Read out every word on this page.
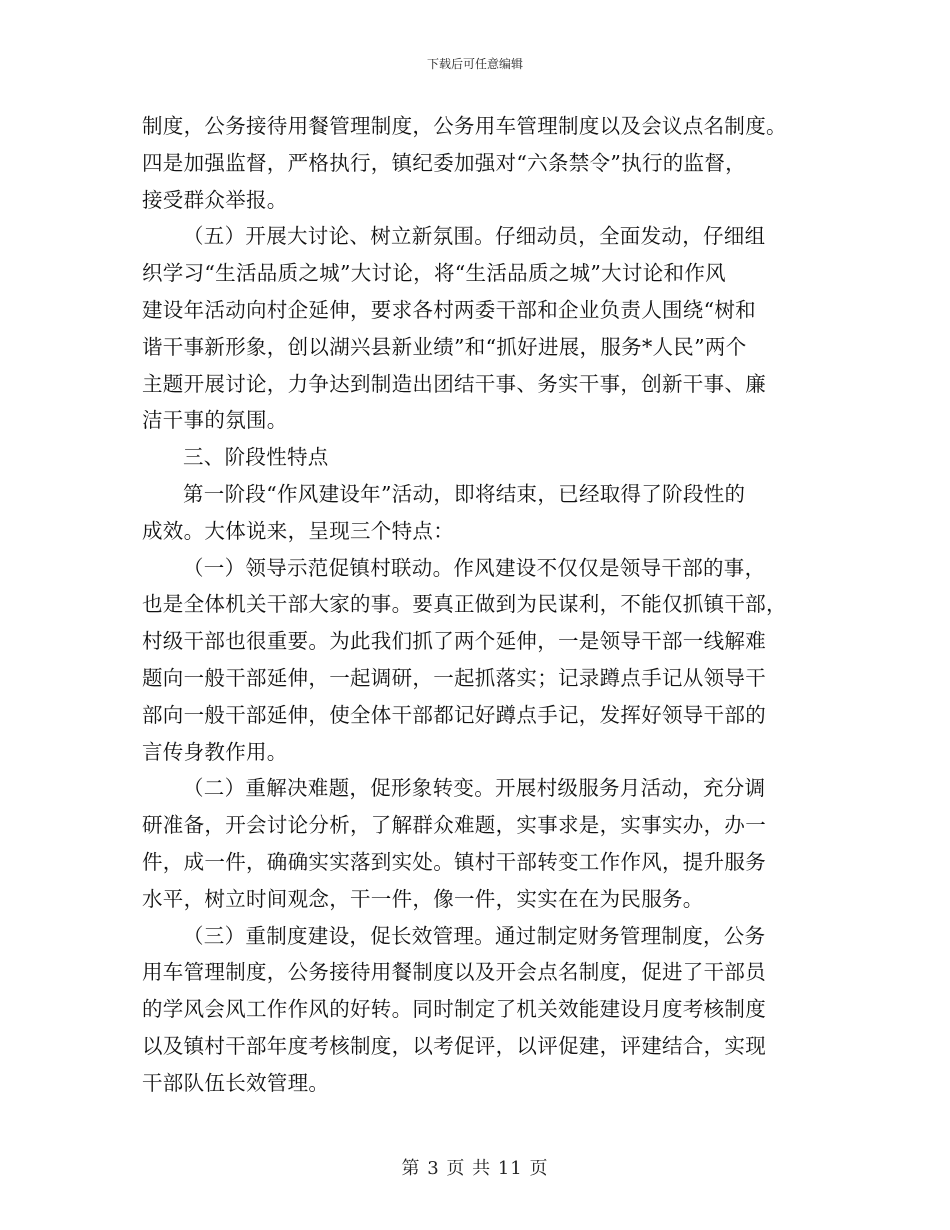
下载后可任意编辑
制度，公务接待用餐管理制度，公务用车管理制度以及会议点名制度。
四是加强监督，严格执行，镇纪委加强对“六条禁令”执行的监督，
接受群众举报。
（五）开展大讨论、树立新氛围。仔细动员，全面发动，仔细组
织学习“生活品质之城”大讨论，将“生活品质之城”大讨论和作风
建设年活动向村企延伸，要求各村两委干部和企业负责人围绕“树和
谐干事新形象，创以湖兴县新业绩”和“抓好进展，服务*人民”两个
主题开展讨论，力争达到制造出团结干事、务实干事，创新干事、廉
洁干事的氛围。
三、阶段性特点
第一阶段“作风建设年”活动，即将结束，已经取得了阶段性的
成效。大体说来，呈现三个特点：
（一）领导示范促镇村联动。作风建设不仅仅是领导干部的事，
也是全体机关干部大家的事。要真正做到为民谋利，不能仅抓镇干部，
村级干部也很重要。为此我们抓了两个延伸，一是领导干部一线解难
题向一般干部延伸，一起调研，一起抓落实；记录蹲点手记从领导干
部向一般干部延伸，使全体干部都记好蹲点手记，发挥好领导干部的
言传身教作用。
（二）重解决难题，促形象转变。开展村级服务月活动，充分调
研准备，开会讨论分析，了解群众难题，实事求是，实事实办，办一
件，成一件，确确实实落到实处。镇村干部转变工作作风，提升服务
水平，树立时间观念，干一件，像一件，实实在在为民服务。
（三）重制度建设，促长效管理。通过制定财务管理制度，公务
用车管理制度，公务接待用餐制度以及开会点名制度，促进了干部员
的学风会风工作作风的好转。同时制定了机关效能建设月度考核制度
以及镇村干部年度考核制度，以考促评，以评促建，评建结合，实现
干部队伍长效管理。
第 3 页 共 11 页
